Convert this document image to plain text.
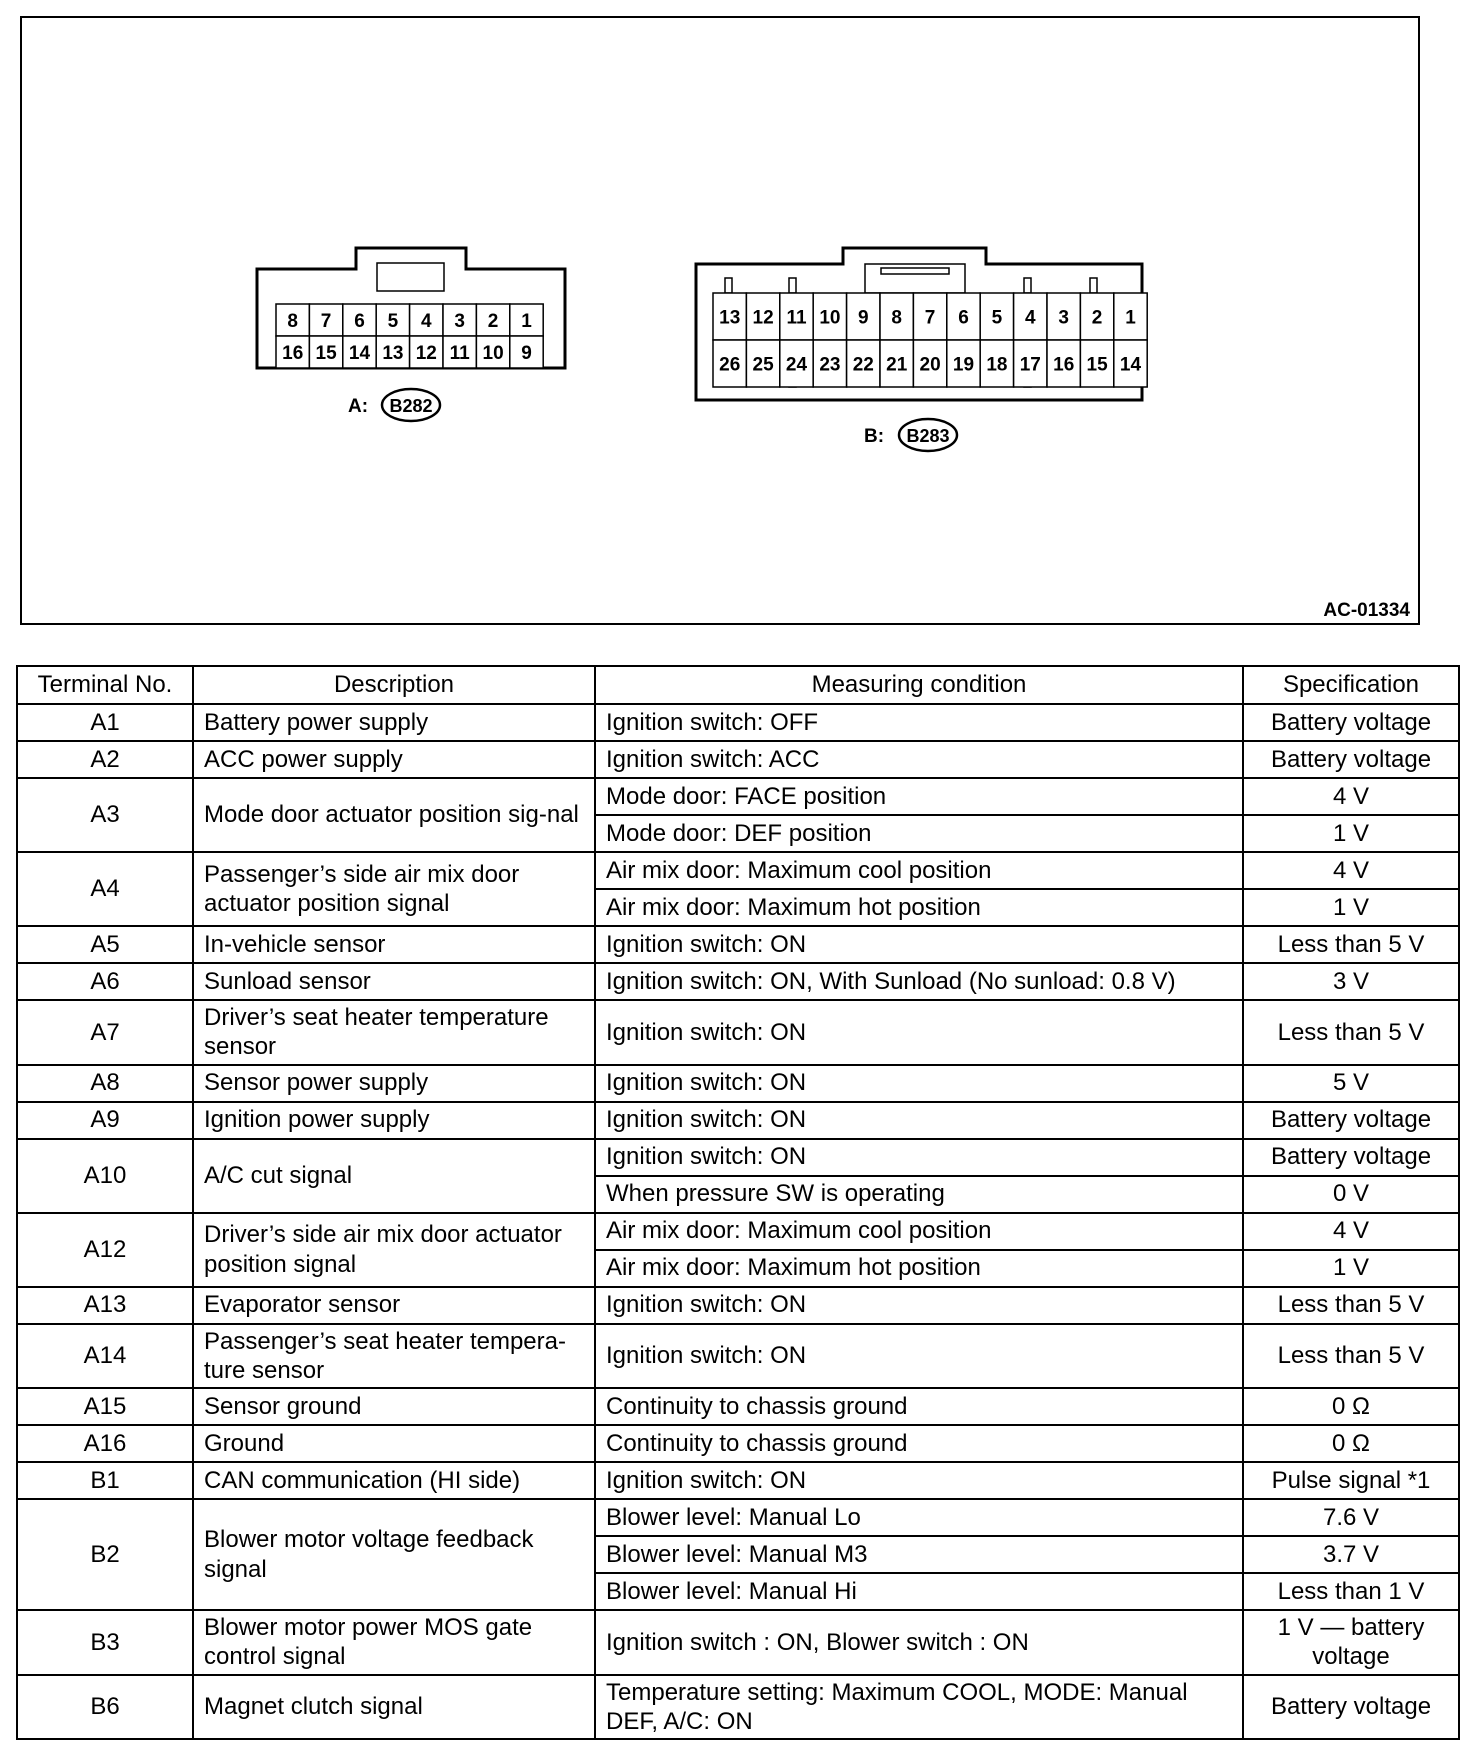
8 7 6 5 4 3 2 1
16 15 14 13 12 11 10 9
A: B282
13 12 11 10 9 8 7 6 5 4 3 2 1
26 25 24 23 22 21 20 19 18 17 16 15 14
B: B283
AC-01334
Terminal No.	Description	Measuring condition	Specification
A1	Battery power supply	Ignition switch: OFF	Battery voltage
A2	ACC power supply	Ignition switch: ACC	Battery voltage
A3	Mode door actuator position sig-nal	Mode door: FACE position	4 V
		Mode door: DEF position	1 V
A4	Passenger’s side air mix door actuator position signal	Air mix door: Maximum cool position	4 V
		Air mix door: Maximum hot position	1 V
A5	In-vehicle sensor	Ignition switch: ON	Less than 5 V
A6	Sunload sensor	Ignition switch: ON, With Sunload (No sunload: 0.8 V)	3 V
A7	Driver’s seat heater temperature sensor	Ignition switch: ON	Less than 5 V
A8	Sensor power supply	Ignition switch: ON	5 V
A9	Ignition power supply	Ignition switch: ON	Battery voltage
A10	A/C cut signal	Ignition switch: ON	Battery voltage
		When pressure SW is operating	0 V
A12	Driver’s side air mix door actuator position signal	Air mix door: Maximum cool position	4 V
		Air mix door: Maximum hot position	1 V
A13	Evaporator sensor	Ignition switch: ON	Less than 5 V
A14	Passenger’s seat heater tempera-ture sensor	Ignition switch: ON	Less than 5 V
A15	Sensor ground	Continuity to chassis ground	0 Ω
A16	Ground	Continuity to chassis ground	0 Ω
B1	CAN communication (HI side)	Ignition switch: ON	Pulse signal *1
B2	Blower motor voltage feedback signal	Blower level: Manual Lo	7.6 V
		Blower level: Manual M3	3.7 V
		Blower level: Manual Hi	Less than 1 V
B3	Blower motor power MOS gate control signal	Ignition switch : ON, Blower switch : ON	1 V — battery voltage
B6	Magnet clutch signal	Temperature setting: Maximum COOL, MODE: Manual DEF, A/C: ON	Battery voltage
